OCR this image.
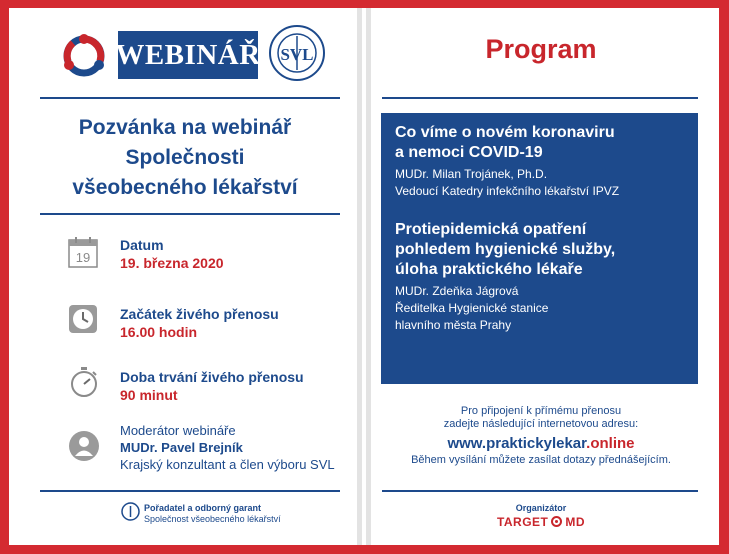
WEBINÁŘ SVL
Pozvánka na webinář
Společnosti
všeobecného lékařství
19
Datum
19. března 2020
Začátek živého přenosu
16.00 hodin
Doba trvání živého přenosu
90 minut
Moderátor webináře
MUDr. Pavel Brejník
Krajský konzultant a člen výboru SVL
Pořadatel a odborný garant
Společnost všeobecného lékařství
Program
Co víme o novém koronaviru
a nemoci COVID-19
MUDr. Milan Trojánek, Ph.D.
Vedoucí Katedry infekčního lékařství IPVZ
Protiepidemická opatření
pohledem hygienické služby,
úloha praktického lékaře
MUDr. Zdeňka Jágrová
Ředitelka Hygienické stanice
hlavního města Prahy
Pro připojení k přímému přenosu
zadejte následující internetovou adresu:
www.praktickylekar.online
Během vysílání můžete zasílat dotazy přednášejícím.
Organizátor
TARGET MD
